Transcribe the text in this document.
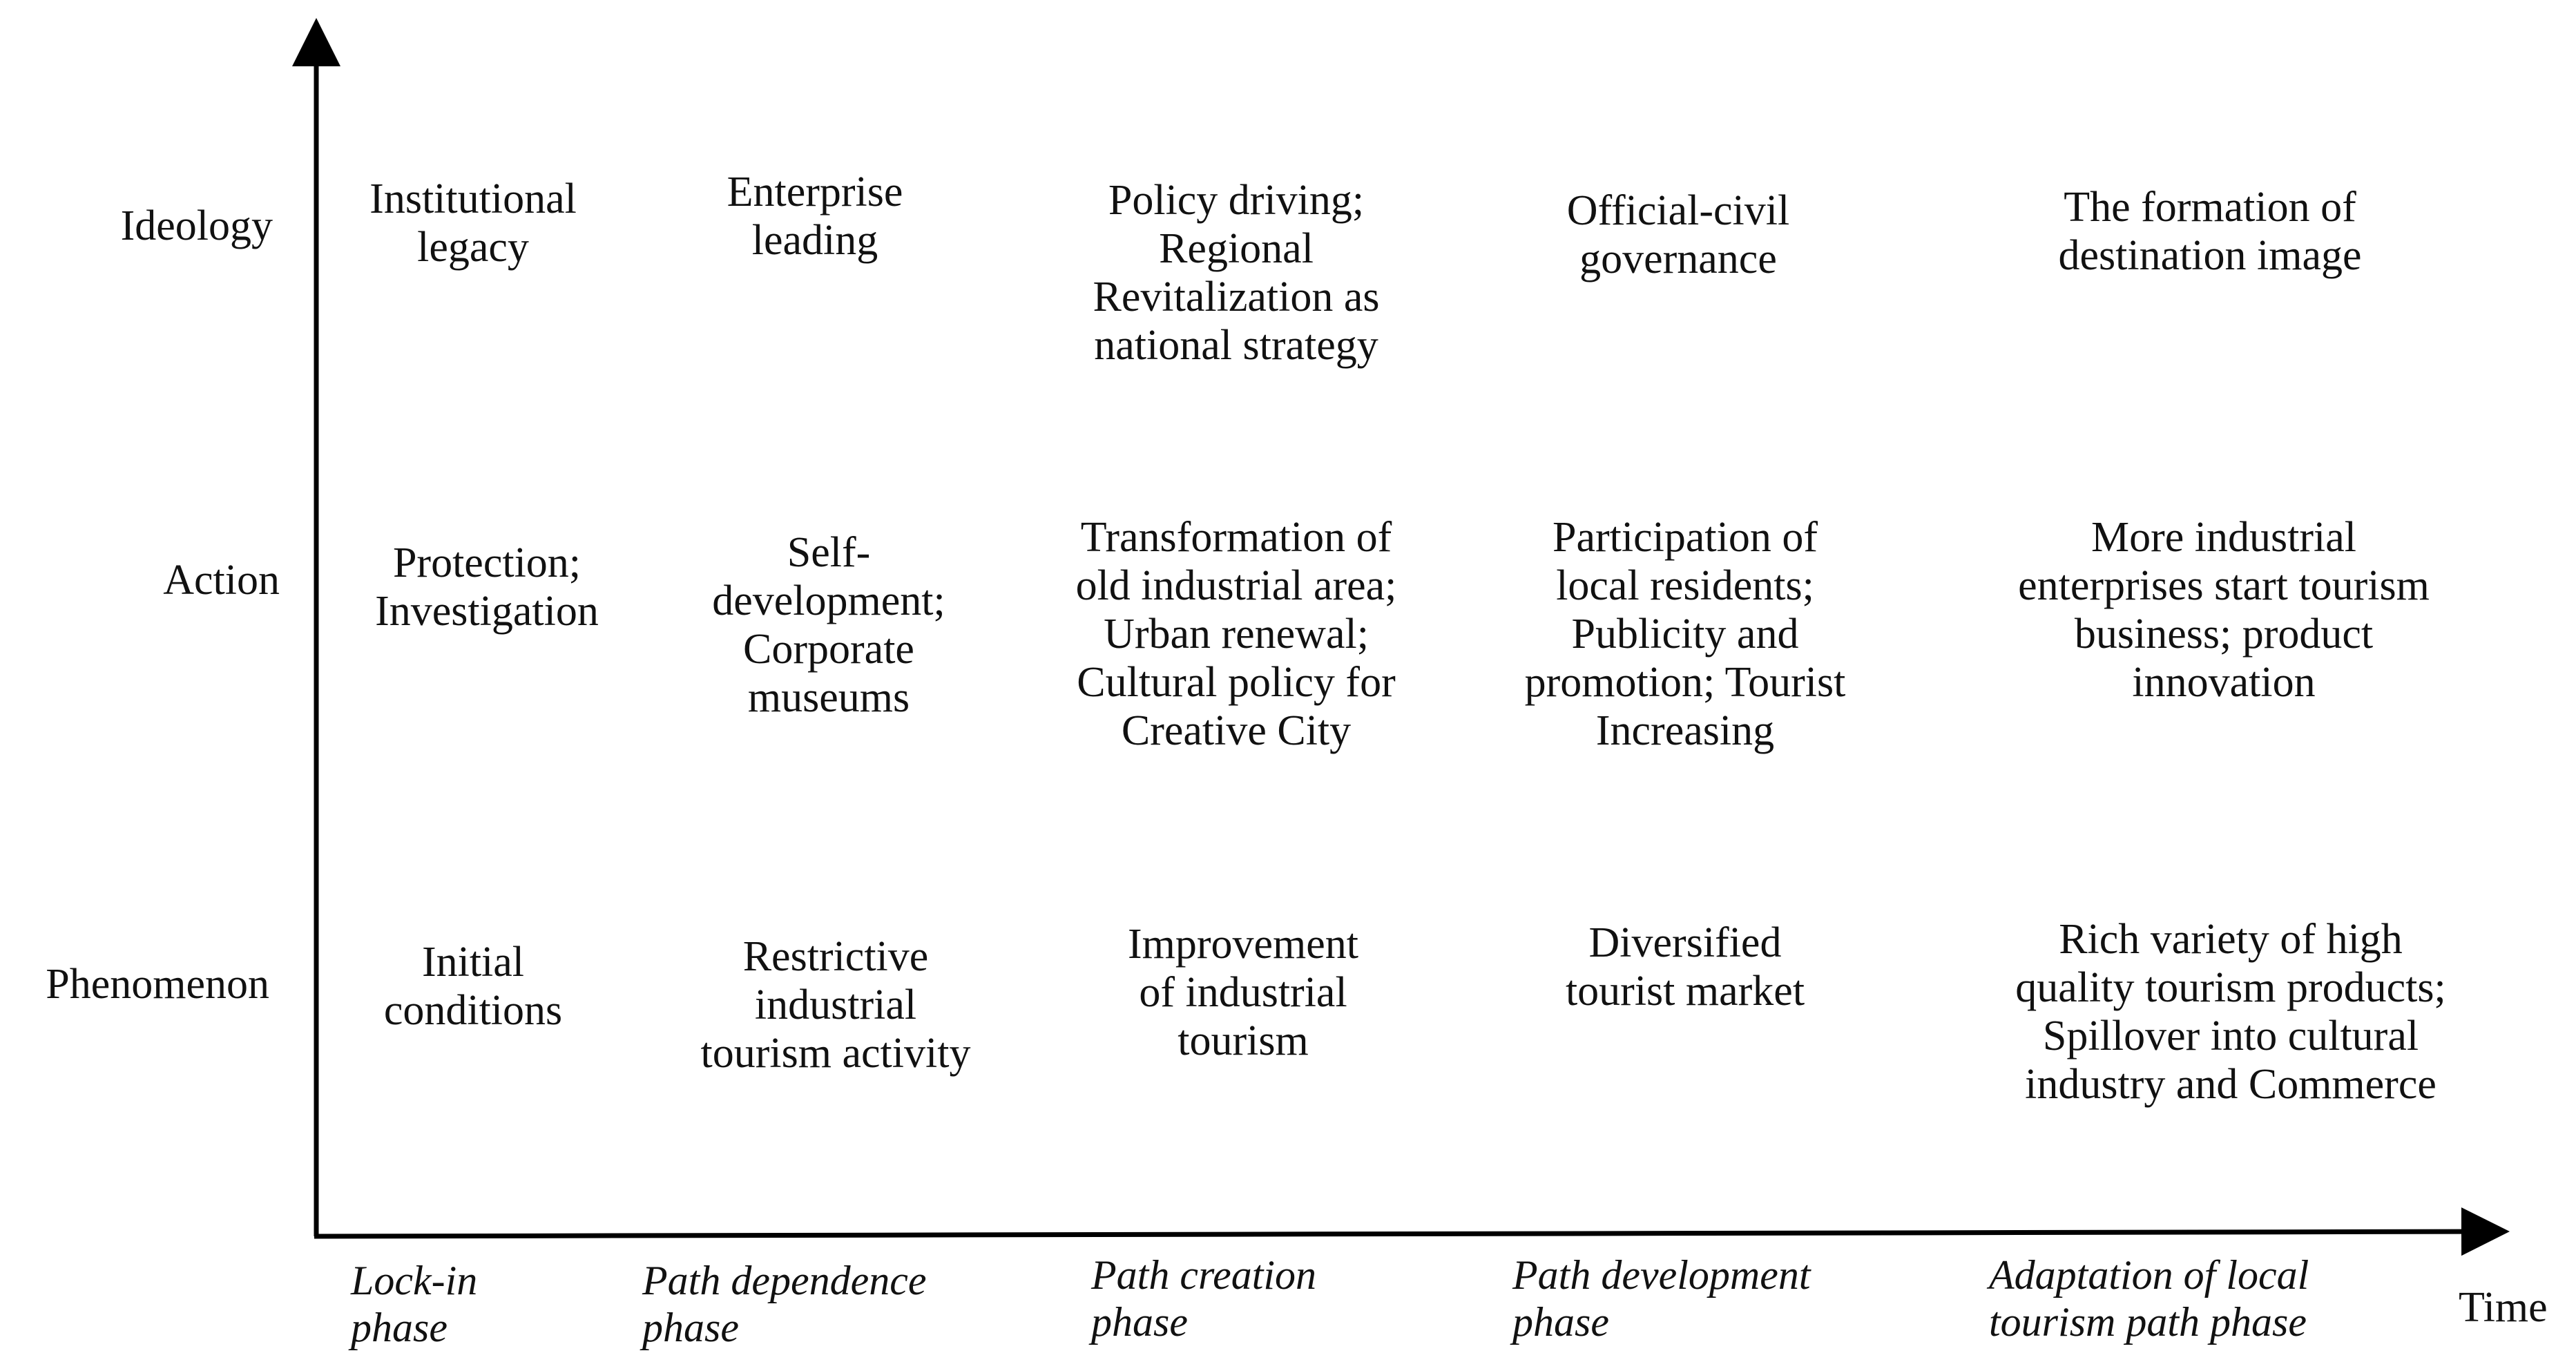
Ideology
Action
Phenomenon
Institutional
legacy
Enterprise
leading
Policy driving;
Regional
Revitalization as
national strategy
Official-civil
governance
The formation of
destination image
Protection;
Investigation
Self-
development;
Corporate
museums
Transformation of
old industrial area;
Urban renewal;
Cultural policy for
Creative City
Participation of
local residents;
Publicity and
promotion; Tourist
Increasing
More industrial
enterprises start tourism
business; product
innovation
Initial
conditions
Restrictive
industrial
tourism activity
Improvement
of industrial
tourism
Diversified
tourist market
Rich variety of high
quality tourism products;
Spillover into cultural
industry and Commerce
Lock-in
phase
Path dependence
phase
Path creation
phase
Path development
phase
Adaptation of local
tourism path phase	Time
